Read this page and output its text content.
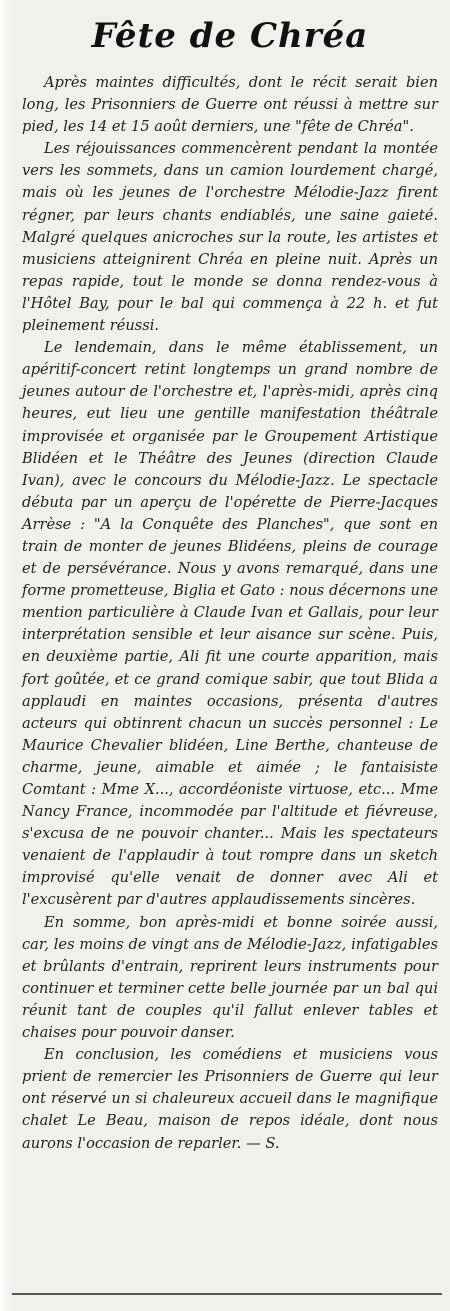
Fête de Chréa

Après maintes difficultés, dont le récit serait bien long, les Prisonniers de Guerre ont réussi à mettre sur pied, les 14 et 15 août derniers, une "fête de Chréa".

Les réjouissances commencèrent pendant la montée vers les sommets, dans un camion lourdement chargé, mais où les jeunes de l'orchestre Mélodie-Jazz firent régner, par leurs chants endiablés, une saine gaieté. Malgré quelques anicroches sur la route, les artistes et musiciens atteignirent Chréa en pleine nuit. Après un repas rapide, tout le monde se donna rendez-vous à l'Hôtel Bay, pour le bal qui commença à 22 h. et fut pleinement réussi.

Le lendemain, dans le même établissement, un apéritif-concert retint longtemps un grand nombre de jeunes autour de l'orchestre et, l'après-midi, après cinq heures, eut lieu une gentille manifestation théâtrale improvisée et organisée par le Groupement Artistique Blidéen et le Théâtre des Jeunes (direction Claude Ivan), avec le concours du Mélodie-Jazz. Le spectacle débuta par un aperçu de l'opérette de Pierre-Jacques Arrèse : "A la Conquête des Planches", que sont en train de monter de jeunes Blidéens, pleins de courage et de persévérance. Nous y avons remarqué, dans une forme prometteuse, Biglia et Gato : nous décernons une mention particulière à Claude Ivan et Gallais, pour leur interprétation sensible et leur aisance sur scène. Puis, en deuxième partie, Ali fit une courte apparition, mais fort goûtée, et ce grand comique sabir, que tout Blida a applaudi en maintes occasions, présenta d'autres acteurs qui obtinrent chacun un succès personnel : Le Maurice Chevalier blidéen, Line Berthe, chanteuse de charme, jeune, aimable et aimée ; le fantaisiste Comtant : Mme X..., accordéoniste virtuose, etc... Mme Nancy France, incommodée par l'altitude et fiévreuse, s'excusa de ne pouvoir chanter... Mais les spectateurs venaient de l'applaudir à tout rompre dans un sketch improvisé qu'elle venait de donner avec Ali et l'excusèrent par d'autres applaudissements sincères.

En somme, bon après-midi et bonne soirée aussi, car, les moins de vingt ans de Mélodie-Jazz, infatigables et brûlants d'entrain, reprirent leurs instruments pour continuer et terminer cette belle journée par un bal qui réunit tant de couples qu'il fallut enlever tables et chaises pour pouvoir danser.

En conclusion, les comédiens et musiciens vous prient de remercier les Prisonniers de Guerre qui leur ont réservé un si chaleureux accueil dans le magnifique chalet Le Beau, maison de repos idéale, dont nous aurons l'occasion de reparler. — S.
